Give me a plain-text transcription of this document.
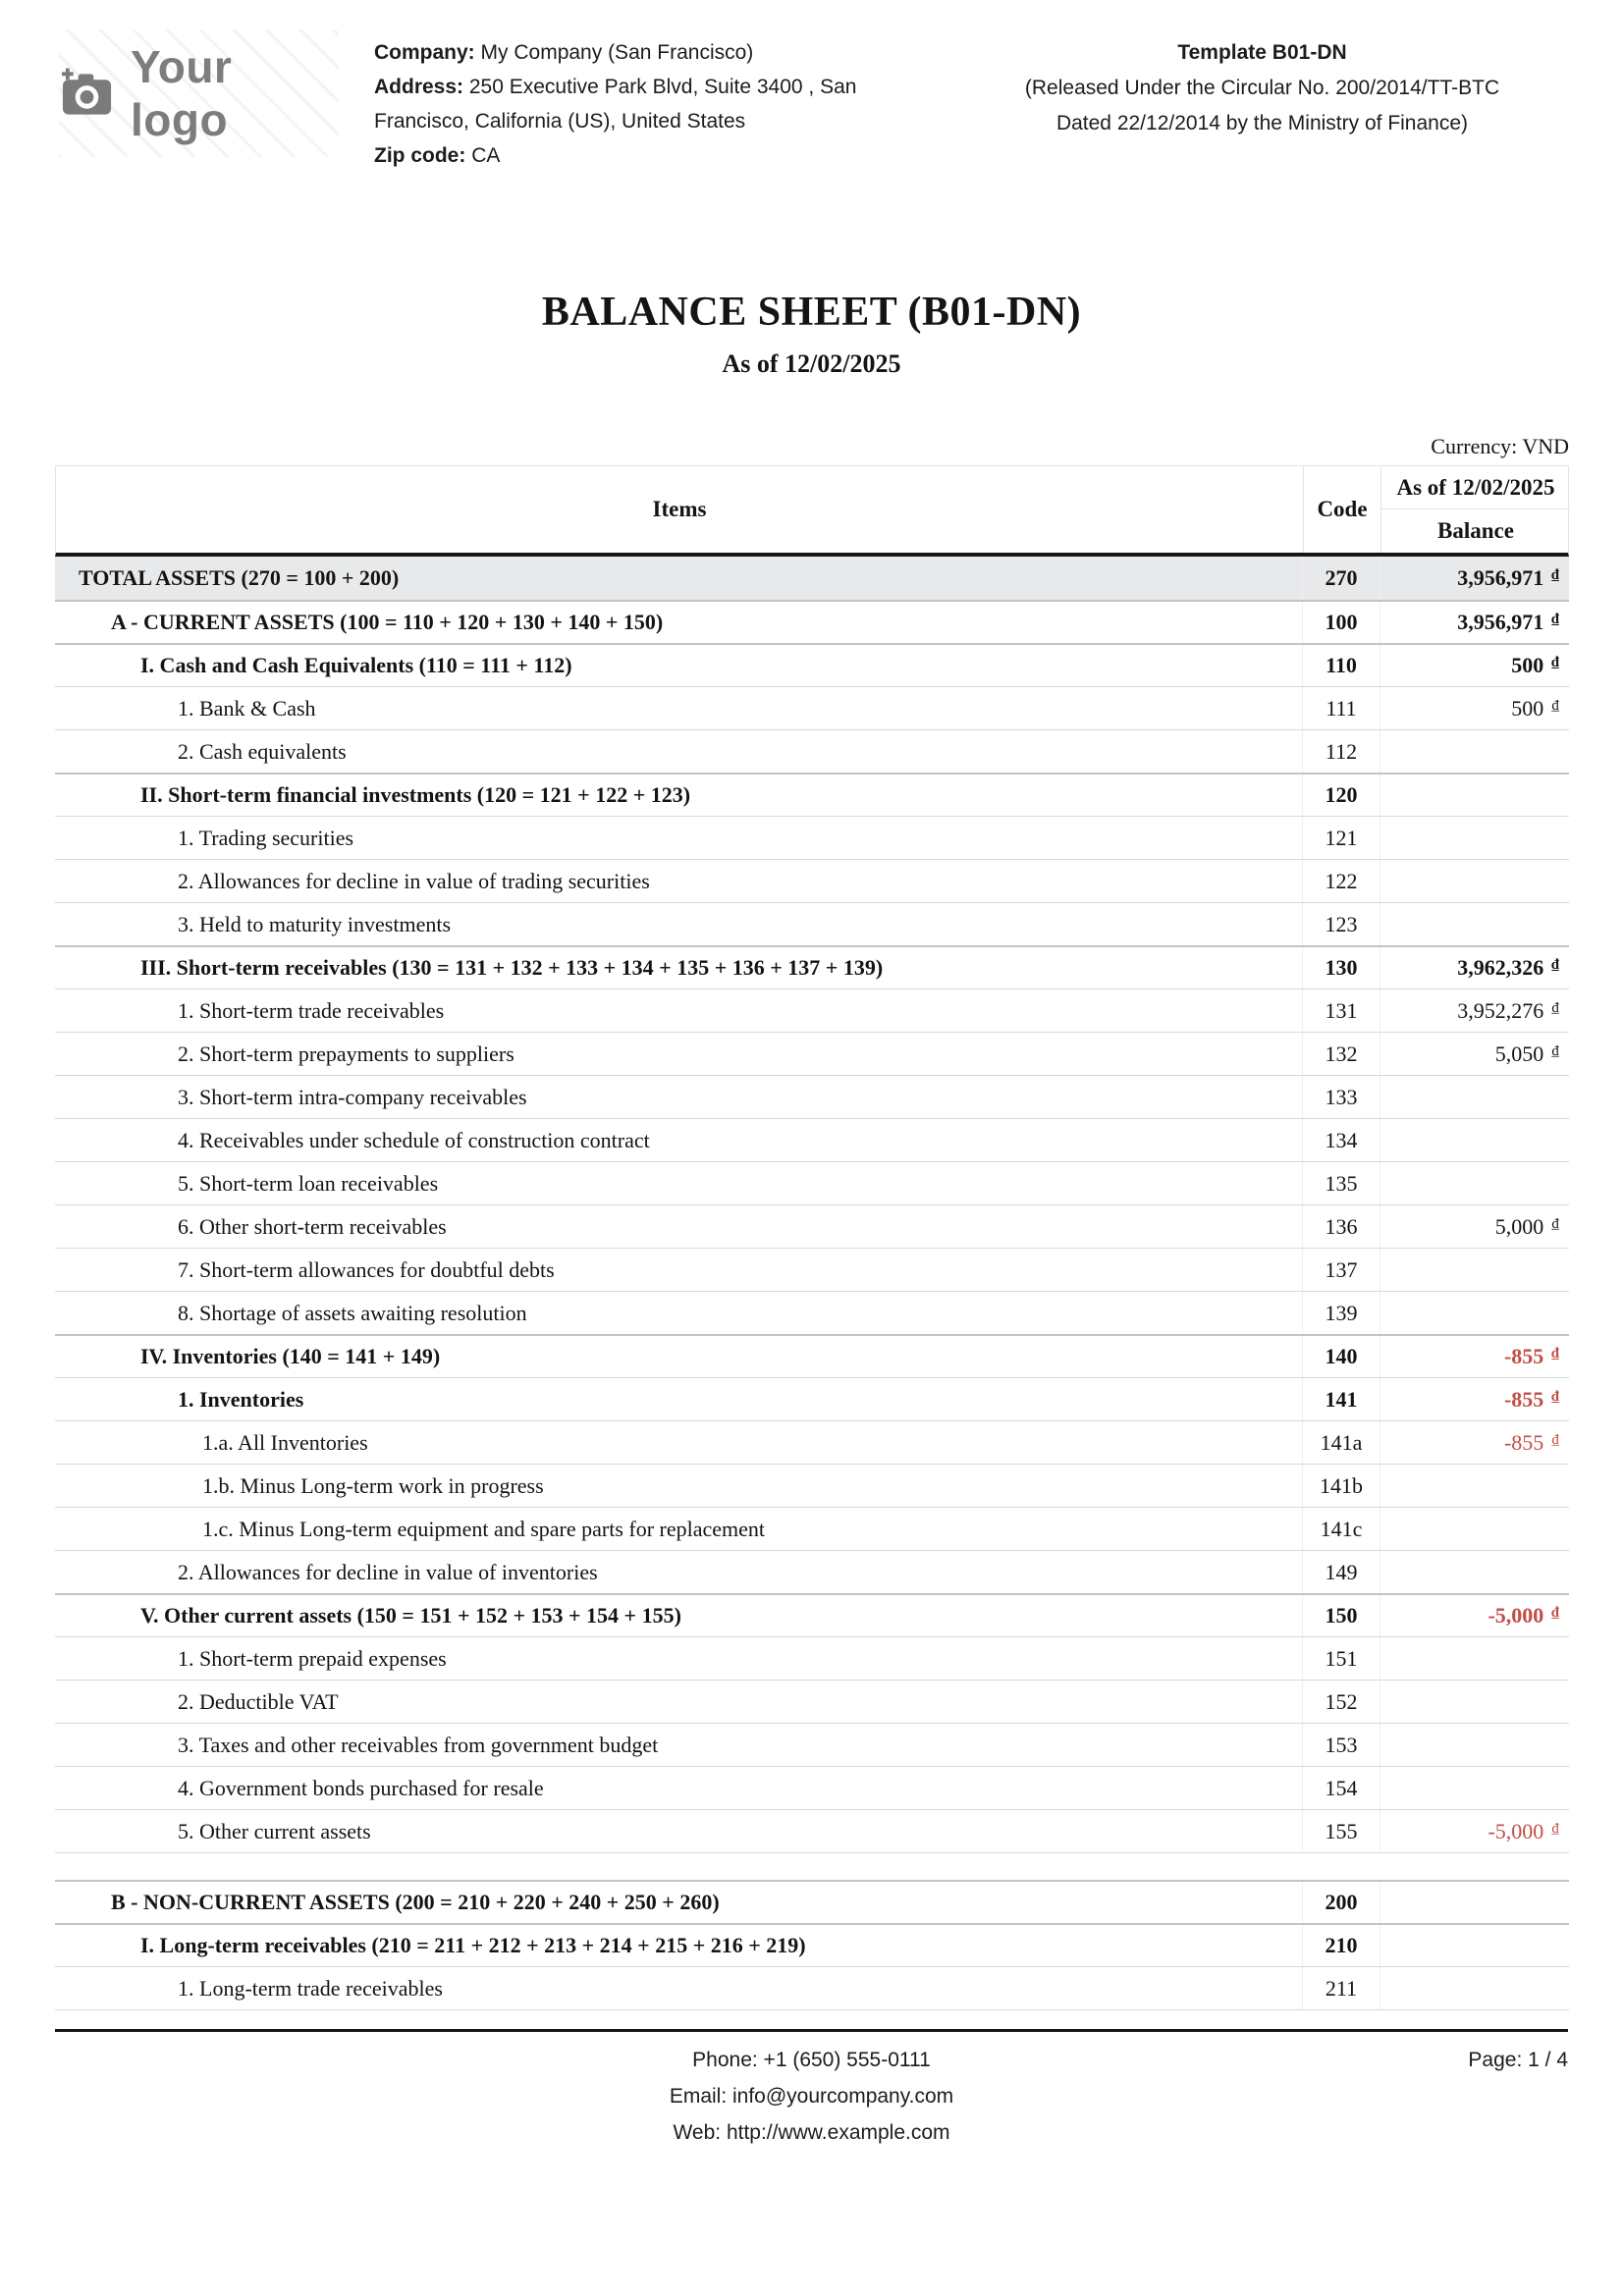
Your logo
Company: My Company (San Francisco)
Address: 250 Executive Park Blvd, Suite 3400 , San Francisco, California (US), United States
Zip code: CA
Template B01-DN
(Released Under the Circular No. 200/2014/TT-BTC
Dated 22/12/2014 by the Ministry of Finance)
BALANCE SHEET (B01-DN)
As of 12/02/2025
Currency: VND
Items	Code
As of 12/02/2025
Balance
TOTAL ASSETS (270 = 100 + 200)	270	3,956,971 ₫
A - CURRENT ASSETS (100 = 110 + 120 + 130 + 140 + 150)	100	3,956,971 ₫
I. Cash and Cash Equivalents (110 = 111 + 112)	110	500 ₫
1. Bank & Cash	111	500 ₫
2. Cash equivalents	112
II. Short-term financial investments (120 = 121 + 122 + 123)	120
1. Trading securities	121
2. Allowances for decline in value of trading securities	122
3. Held to maturity investments	123
III. Short-term receivables (130 = 131 + 132 + 133 + 134 + 135 + 136 + 137 + 139)	130	3,962,326 ₫
1. Short-term trade receivables	131	3,952,276 ₫
2. Short-term prepayments to suppliers	132	5,050 ₫
3. Short-term intra-company receivables	133
4. Receivables under schedule of construction contract	134
5. Short-term loan receivables	135
6. Other short-term receivables	136	5,000 ₫
7. Short-term allowances for doubtful debts	137
8. Shortage of assets awaiting resolution	139
IV. Inventories (140 = 141 + 149)	140	-855 ₫
1. Inventories	141	-855 ₫
1.a. All Inventories	141a	-855 ₫
1.b. Minus Long-term work in progress	141b
1.c. Minus Long-term equipment and spare parts for replacement	141c
2. Allowances for decline in value of inventories	149
V. Other current assets (150 = 151 + 152 + 153 + 154 + 155)	150	-5,000 ₫
1. Short-term prepaid expenses	151
2. Deductible VAT	152
3. Taxes and other receivables from government budget	153
4. Government bonds purchased for resale	154
5. Other current assets	155	-5,000 ₫
B - NON-CURRENT ASSETS (200 = 210 + 220 + 240 + 250 + 260)	200
I. Long-term receivables (210 = 211 + 212 + 213 + 214 + 215 + 216 + 219)	210
1. Long-term trade receivables	211
Phone: +1 (650) 555-0111
Email: info@yourcompany.com
Web: http://www.example.com
Page: 1 / 4
